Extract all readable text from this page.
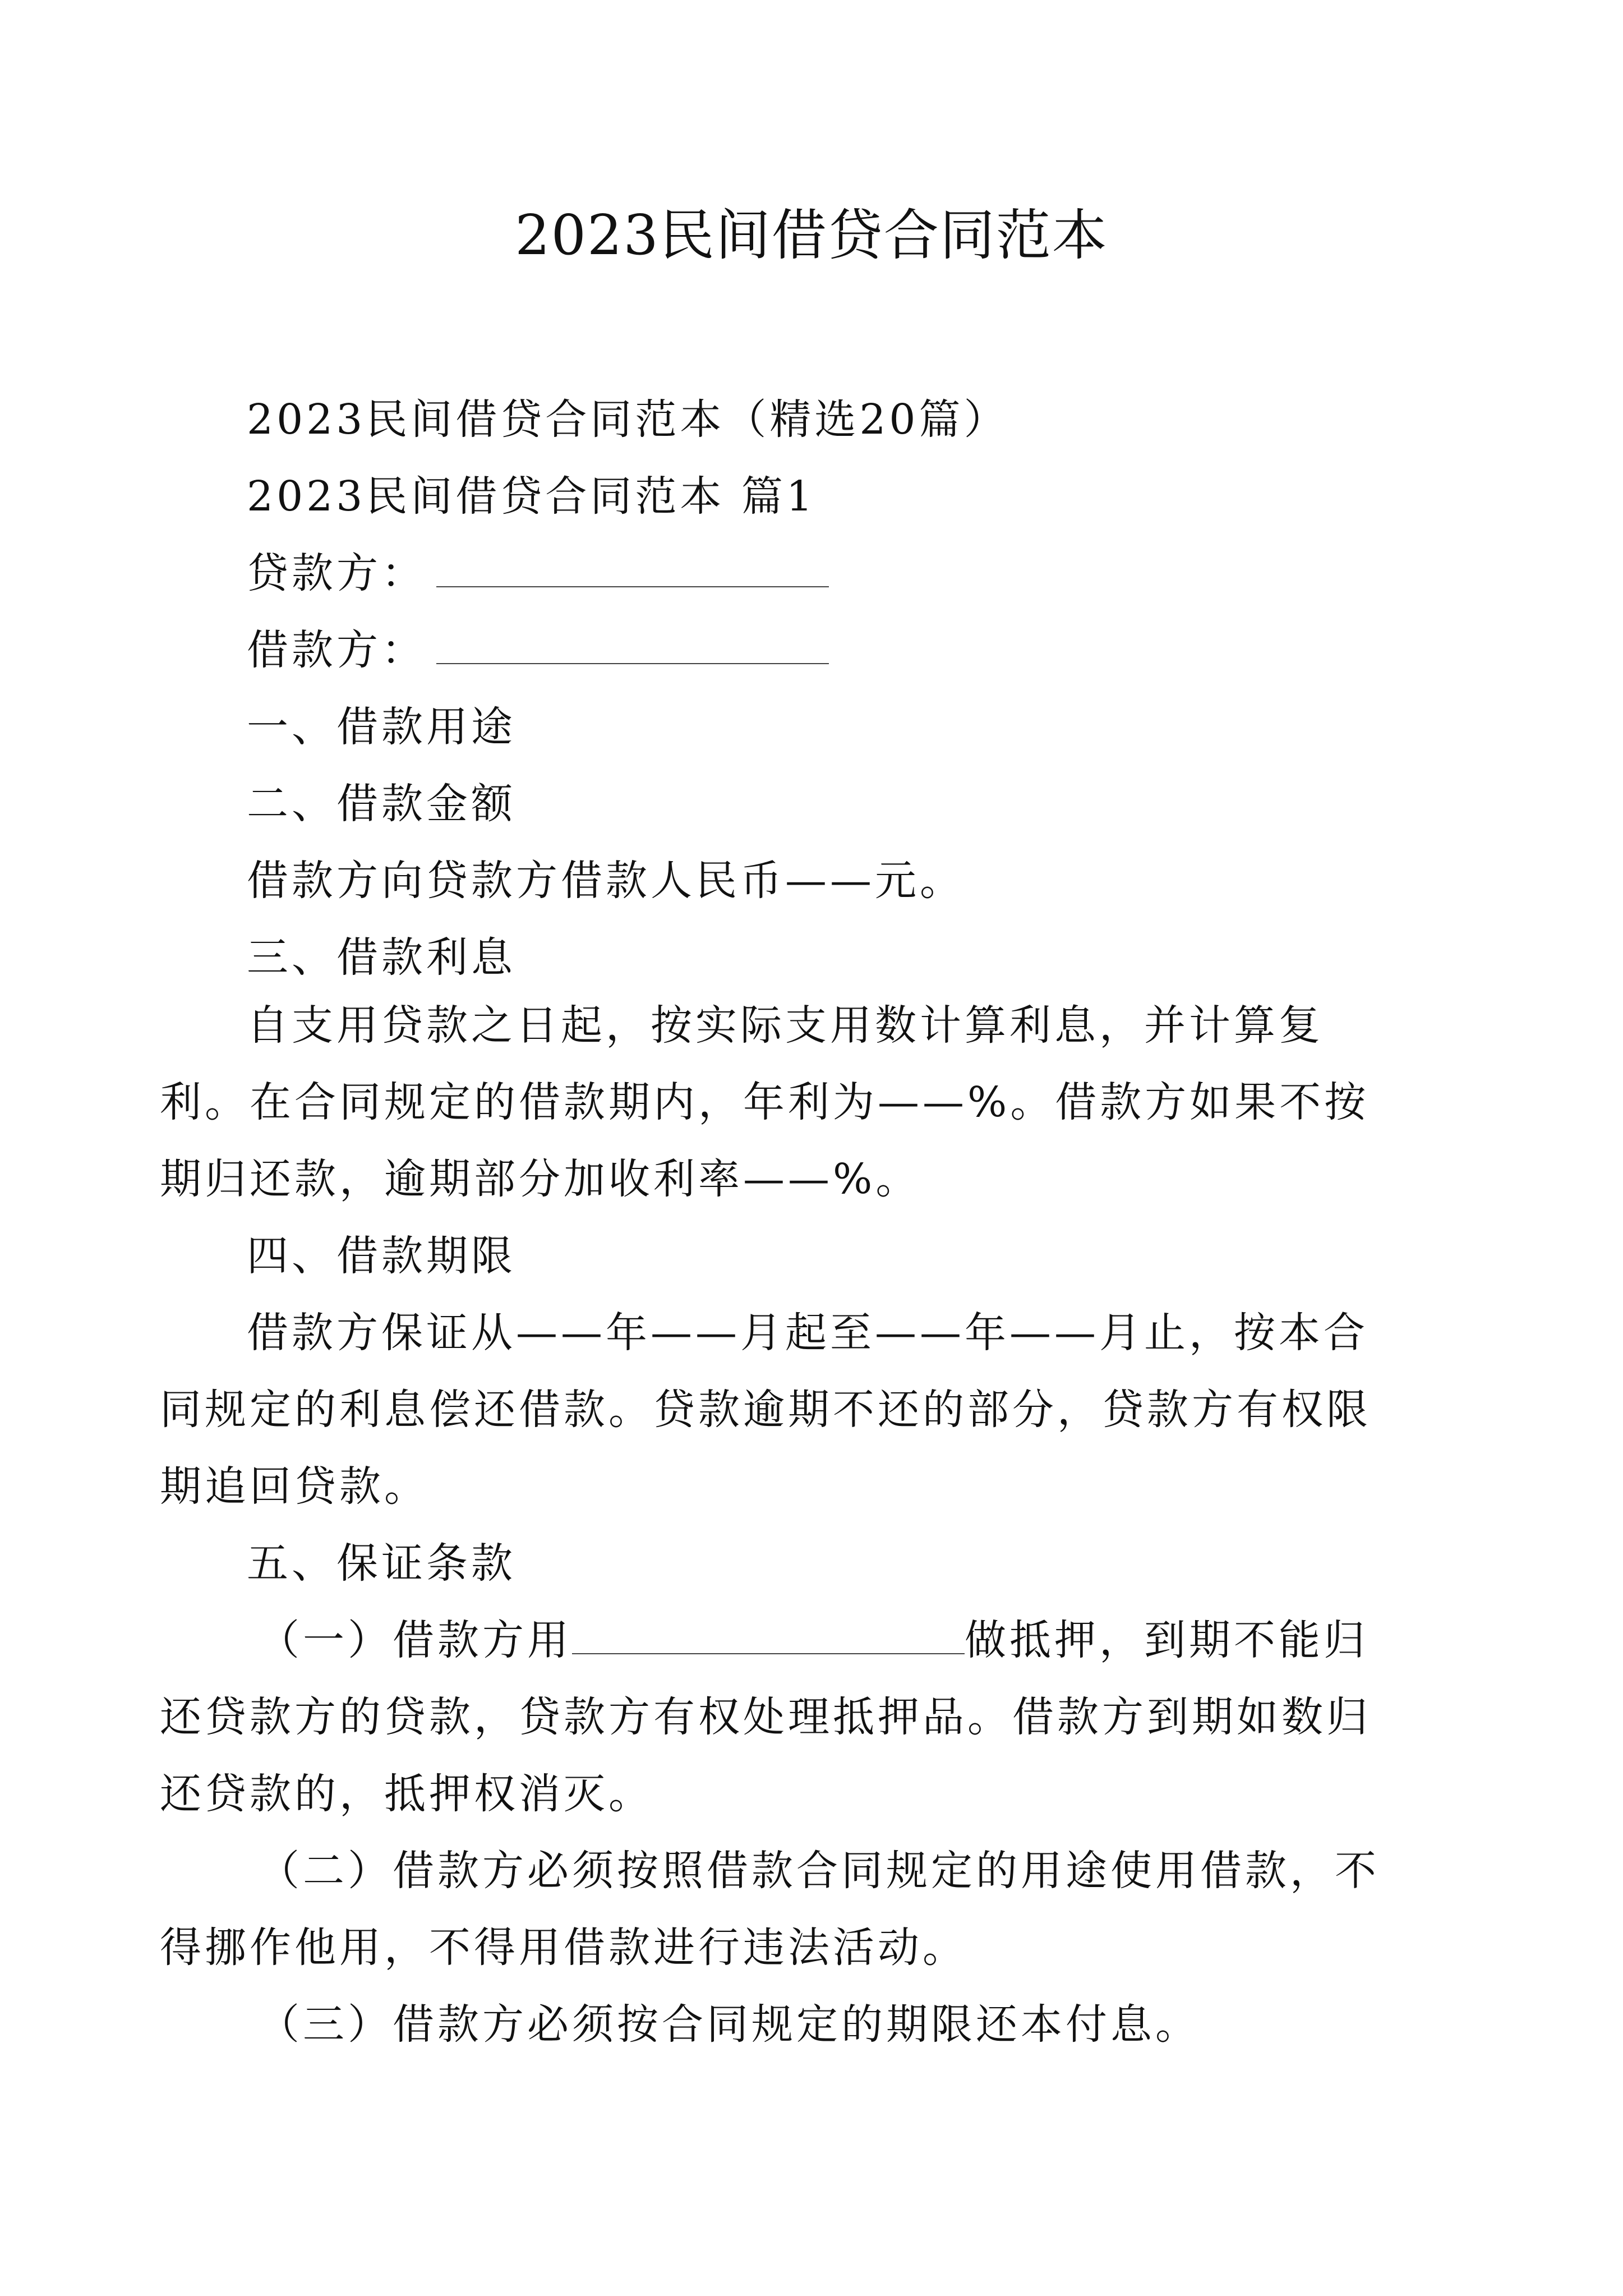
2023民间借贷合同范本

2023民间借贷合同范本（精选20篇）

2023民间借贷合同范本 篇1

贷款方：

借款方：

一、借款用途

二、借款金额

借款方向贷款方借款人民币——元。

三、借款利息

自支用贷款之日起，按实际支用数计算利息，并计算复利。在合同规定的借款期内，年利为——%。借款方如果不按期归还款，逾期部分加收利率——%。

四、借款期限

借款方保证从——年——月起至——年——月止，按本合同规定的利息偿还借款。贷款逾期不还的部分，贷款方有权限期追回贷款。

五、保证条款

（一）借款方用	做抵押，到期不能归还贷款方的贷款，贷款方有权处理抵押品。借款方到期如数归还贷款的，抵押权消灭。

（二）借款方必须按照借款合同规定的用途使用借款，不得挪作他用，不得用借款进行违法活动。

（三）借款方必须按合同规定的期限还本付息。
